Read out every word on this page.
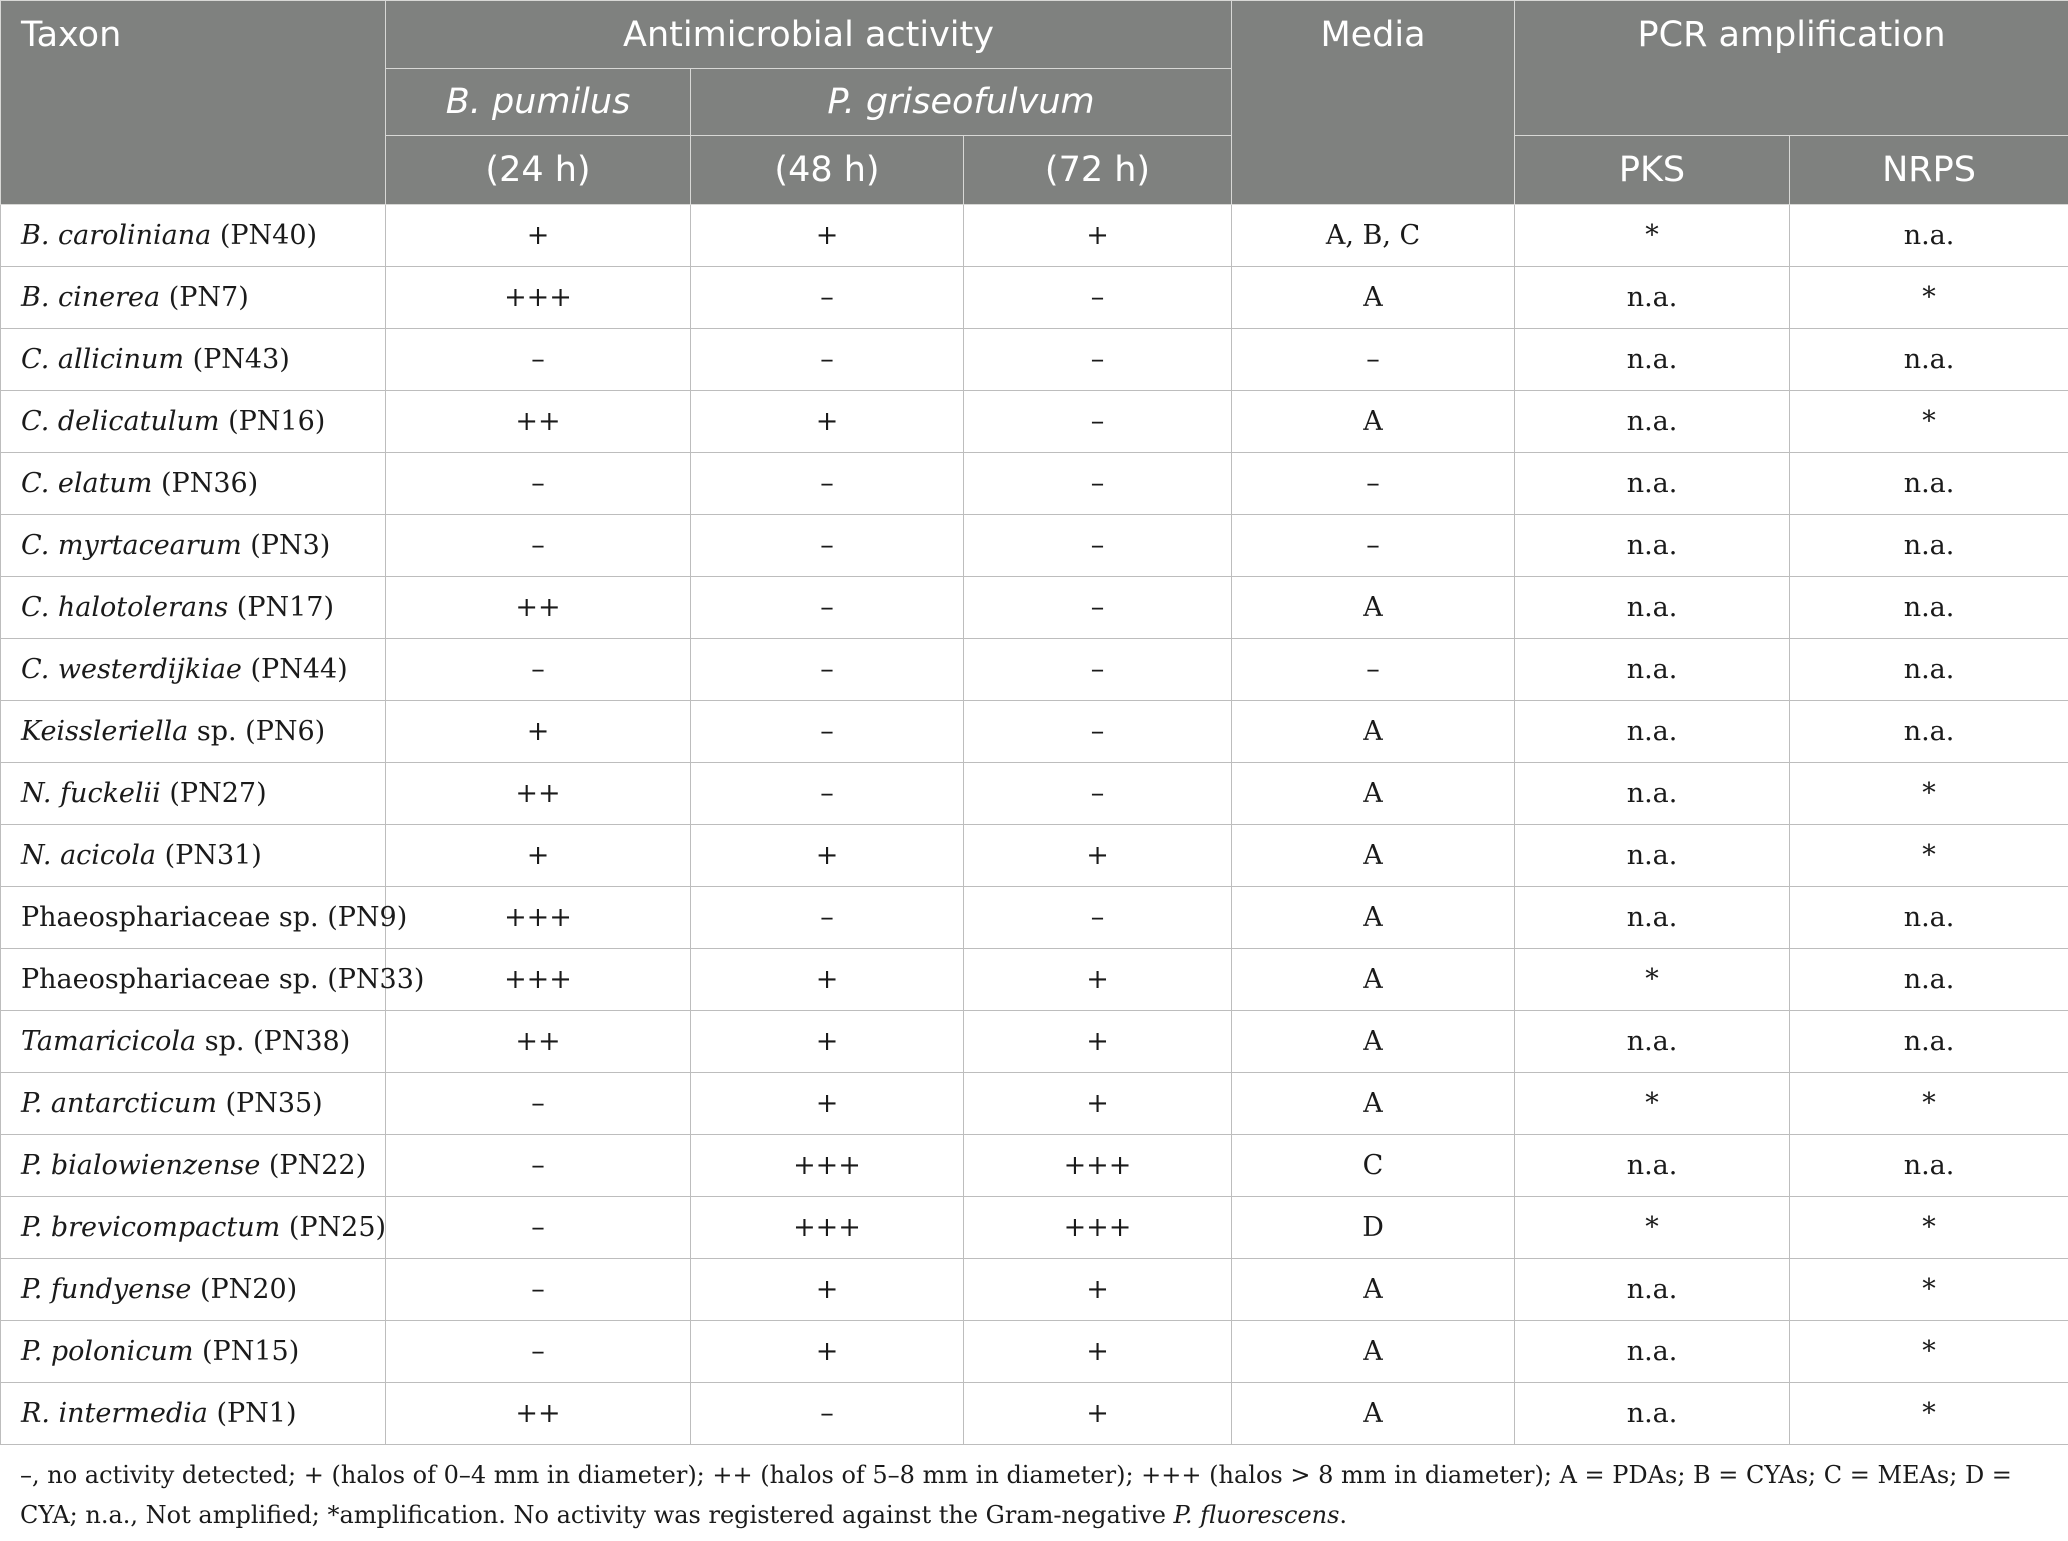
Taxon	Antimicrobial activity			Media	PCR amplification	
	B. pumilus	P. griseofulvum				
	(24 h)	(48 h)	(72 h)		PKS	NRPS
B. caroliniana (PN40)	+	+	+	A, B, C	*	n.a.
B. cinerea (PN7)	+++	–	–	A	n.a.	*
C. allicinum (PN43)	–	–	–	–	n.a.	n.a.
C. delicatulum (PN16)	++	+	–	A	n.a.	*
C. elatum (PN36)	–	–	–	–	n.a.	n.a.
C. myrtacearum (PN3)	–	–	–	–	n.a.	n.a.
C. halotolerans (PN17)	++	–	–	A	n.a.	n.a.
C. westerdijkiae (PN44)	–	–	–	–	n.a.	n.a.
Keissleriella sp. (PN6)	+	–	–	A	n.a.	n.a.
N. fuckelii (PN27)	++	–	–	A	n.a.	*
N. acicola (PN31)	+	+	+	A	n.a.	*
Phaeosphariaceae sp. (PN9)	+++	–	–	A	n.a.	n.a.
Phaeosphariaceae sp. (PN33)	+++	+	+	A	*	n.a.
Tamaricicola sp. (PN38)	++	+	+	A	n.a.	n.a.
P. antarcticum (PN35)	–	+	+	A	*	*
P. bialowienzense (PN22)	–	+++	+++	C	n.a.	n.a.
P. brevicompactum (PN25)	–	+++	+++	D	*	*
P. fundyense (PN20)	–	+	+	A	n.a.	*
P. polonicum (PN15)	–	+	+	A	n.a.	*
R. intermedia (PN1)	++	–	+	A	n.a.	*
–, no activity detected; + (halos of 0–4 mm in diameter); ++ (halos of 5–8 mm in diameter); +++ (halos > 8 mm in diameter); A = PDAs; B = CYAs; C = MEAs; D = CYA; n.a., Not amplified; *amplification. No activity was registered against the Gram-negative P. fluorescens.
